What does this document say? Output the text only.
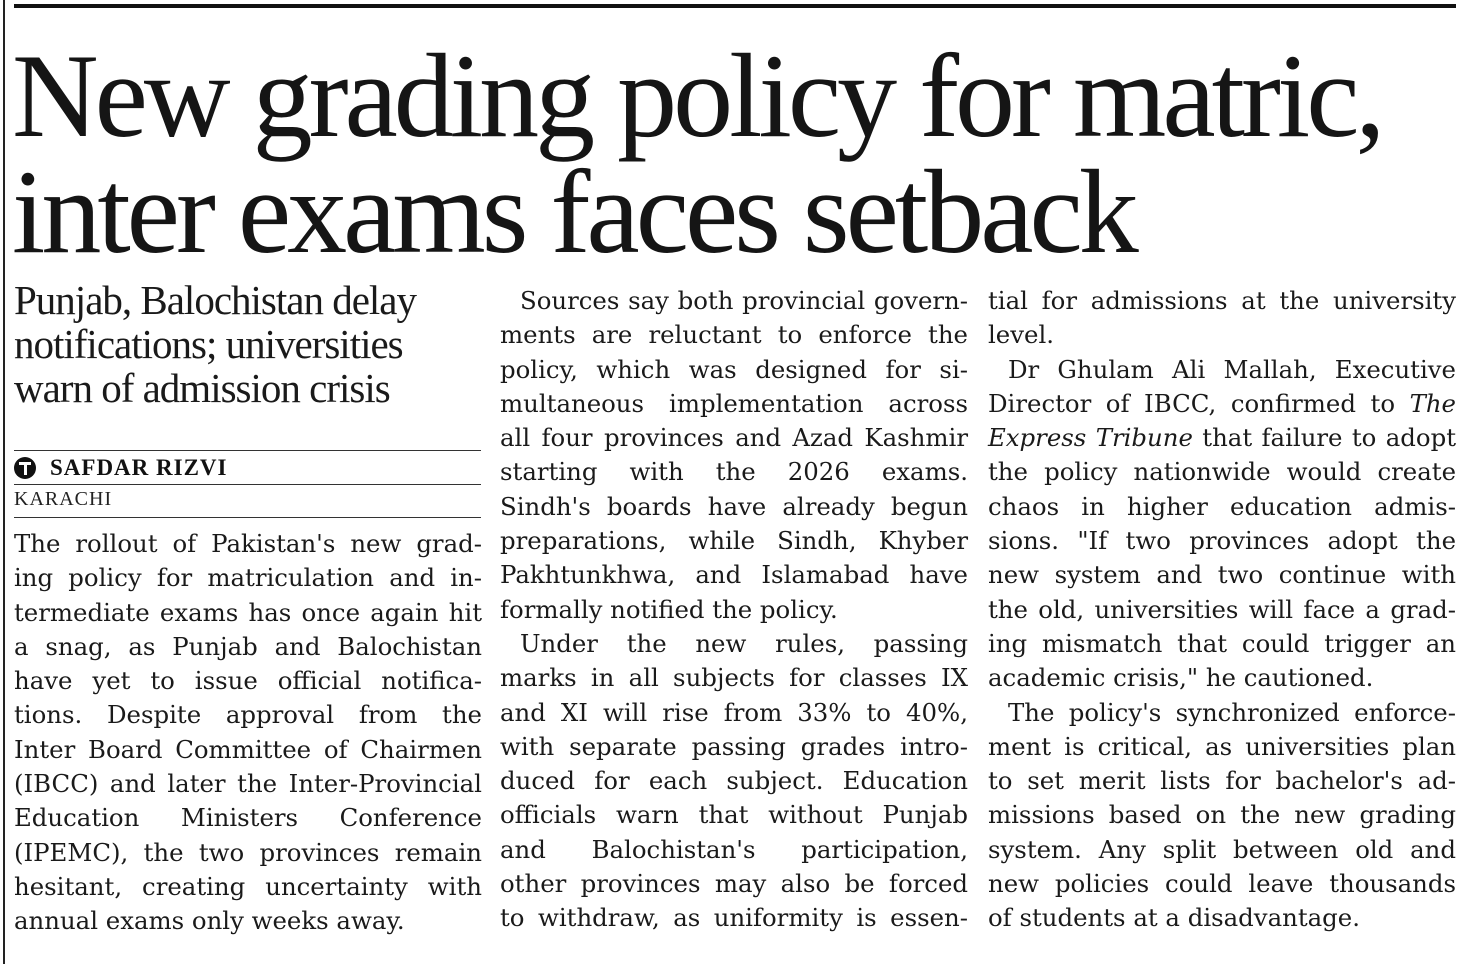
New grading policy for matric,
inter exams faces setback
Punjab, Balochistan delay
notifications; universities
warn of admission crisis
SAFDAR RIZVI
KARACHI
The rollout of Pakistan's new grad-
ing policy for matriculation and in-
termediate exams has once again hit
a snag, as Punjab and Balochistan
have yet to issue official notifica-
tions. Despite approval from the
Inter Board Committee of Chairmen
(IBCC) and later the Inter-Provincial
Education Ministers Conference
(IPEMC), the two provinces remain
hesitant, creating uncertainty with
annual exams only weeks away.
Sources say both provincial govern-
ments are reluctant to enforce the
policy, which was designed for si-
multaneous implementation across
all four provinces and Azad Kashmir
starting with the 2026 exams.
Sindh's boards have already begun
preparations, while Sindh, Khyber
Pakhtunkhwa, and Islamabad have
formally notified the policy.
Under the new rules, passing
marks in all subjects for classes IX
and XI will rise from 33% to 40%,
with separate passing grades intro-
duced for each subject. Education
officials warn that without Punjab
and Balochistan's participation,
other provinces may also be forced
to withdraw, as uniformity is essen-
tial for admissions at the university
level.
Dr Ghulam Ali Mallah, Executive
Director of IBCC, confirmed to The
Express Tribune that failure to adopt
the policy nationwide would create
chaos in higher education admis-
sions. "If two provinces adopt the
new system and two continue with
the old, universities will face a grad-
ing mismatch that could trigger an
academic crisis," he cautioned.
The policy's synchronized enforce-
ment is critical, as universities plan
to set merit lists for bachelor's ad-
missions based on the new grading
system. Any split between old and
new policies could leave thousands
of students at a disadvantage.
